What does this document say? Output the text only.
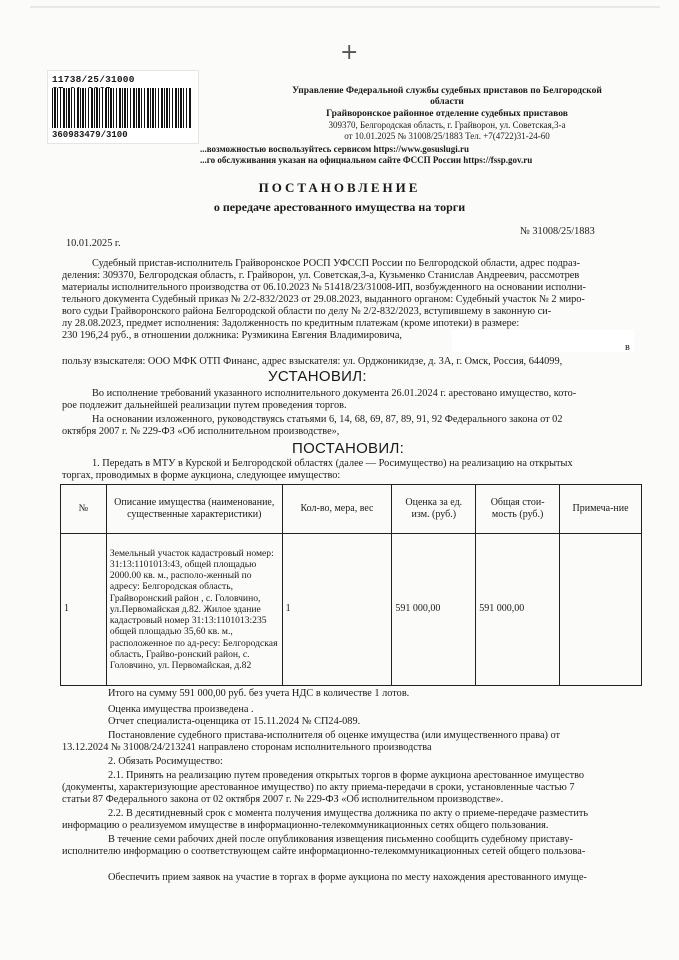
+
11738/25/31000
360983479/3100
Управление Федеральной службы судебных приставов по Белгородской
области
Грайворонское районное отделение судебных приставов
309370, Белгородская область, г. Грайворон, ул. Советская,3-а
от 10.01.2025 № 31008/25/1883 Тел. +7(4722)31-24-60
...возможностью воспользуйтесь сервисом https://www.gosuslugi.ru
...го обслуживания указан на официальном сайте ФССП России https://fssp.gov.ru
ПОСТАНОВЛЕНИЕ
о передаче арестованного имущества на торги
№ 31008/25/1883
10.01.2025 г.
Судебный пристав-исполнитель Грайворонское РОСП УФССП России по Белгородской области, адрес подраз-
деления: 309370, Белгородская область, г. Грайворон, ул. Советская,3-а, Кузьменко Станислав Андреевич, рассмотрев
материалы исполнительного производства от 06.10.2023 № 51418/23/31008-ИП, возбужденного на основании исполни-
тельного документа Судебный приказ № 2/2-832/2023 от 29.08.2023, выданного органом: Судебный участок № 2 миро-
вого судьи Грайворонского района Белгородской области по делу № 2/2-832/2023, вступившему в законную си-
лу 28.08.2023, предмет исполнения: Задолженность по кредитным платежам (кроме ипотеки) в размере:
230 196,24 руб., в отношении должника: Рузмикина Евгения Владимировича,
в
пользу взыскателя: ООО МФК ОТП Финанс, адрес взыскателя: ул. Орджоникидзе, д. 3А, г. Омск, Россия, 644099,
УСТАНОВИЛ:
Во исполнение требований указанного исполнительного документа 26.01.2024 г. арестовано имущество, кото-
рое подлежит дальнейшей реализации путем проведения торгов.
На основании изложенного, руководствуясь статьями 6, 14, 68, 69, 87, 89, 91, 92 Федерального закона от 02
октября 2007 г. № 229-ФЗ «Об исполнительном производстве»,
ПОСТАНОВИЛ:
1. Передать в МТУ в Курской и Белгородской областях (далее — Росимущество) на реализацию на открытых
торгах, проводимых в форме аукциона, следующее имущество:
№	Описание имущества (наименование, существенные характеристики)	Кол-во, мера, вес	Оценка за ед. изм. (руб.)	Общая стои-мость (руб.)	Примеча-ние
1	Земельный участок кадастровый номер: 31:13:1101013:43, общей площадью 2000.00 кв. м., располо-женный по адресу: Белгородская область, Грайворонский район , с. Головчино, ул.Первомайская д.82. Жилое здание кадастровый номер 31:13:1101013:235 общей площадью 35,60 кв. м., расположенное по ад-ресу: Белгородская область, Грайво-ронский район, с. Головчино, ул. Первомайская, д.82	1	591 000,00	591 000,00	
Итого на сумму 591 000,00 руб. без учета НДС в количестве 1 лотов.
Оценка имущества произведена .
Отчет специалиста-оценщика от 15.11.2024 № СП24-089.
Постановление судебного пристава-исполнителя об оценке имущества (или имущественного права) от
13.12.2024 № 31008/24/213241 направлено сторонам исполнительного производства
2. Обязать Росимущество:
2.1. Принять на реализацию путем проведения открытых торгов в форме аукциона арестованное имущество
(документы, характеризующие арестованное имущество) по акту приема-передачи в сроки, установленные частью 7
статьи 87 Федерального закона от 02 октября 2007 г. № 229-ФЗ «Об исполнительном производстве».
2.2. В десятидневный срок с момента получения имущества должника по акту о приеме-передаче разместить
информацию о реализуемом имуществе в информационно-телекоммуникационных сетях общего пользования.
В течение семи рабочих дней после опубликования извещения письменно сообщить судебному приставу-
исполнителю информацию о соответствующем сайте информационно-телекоммуникационных сетей общего пользова-
Обеспечить прием заявок на участие в торгах в форме аукциона по месту нахождения арестованного имуще-
